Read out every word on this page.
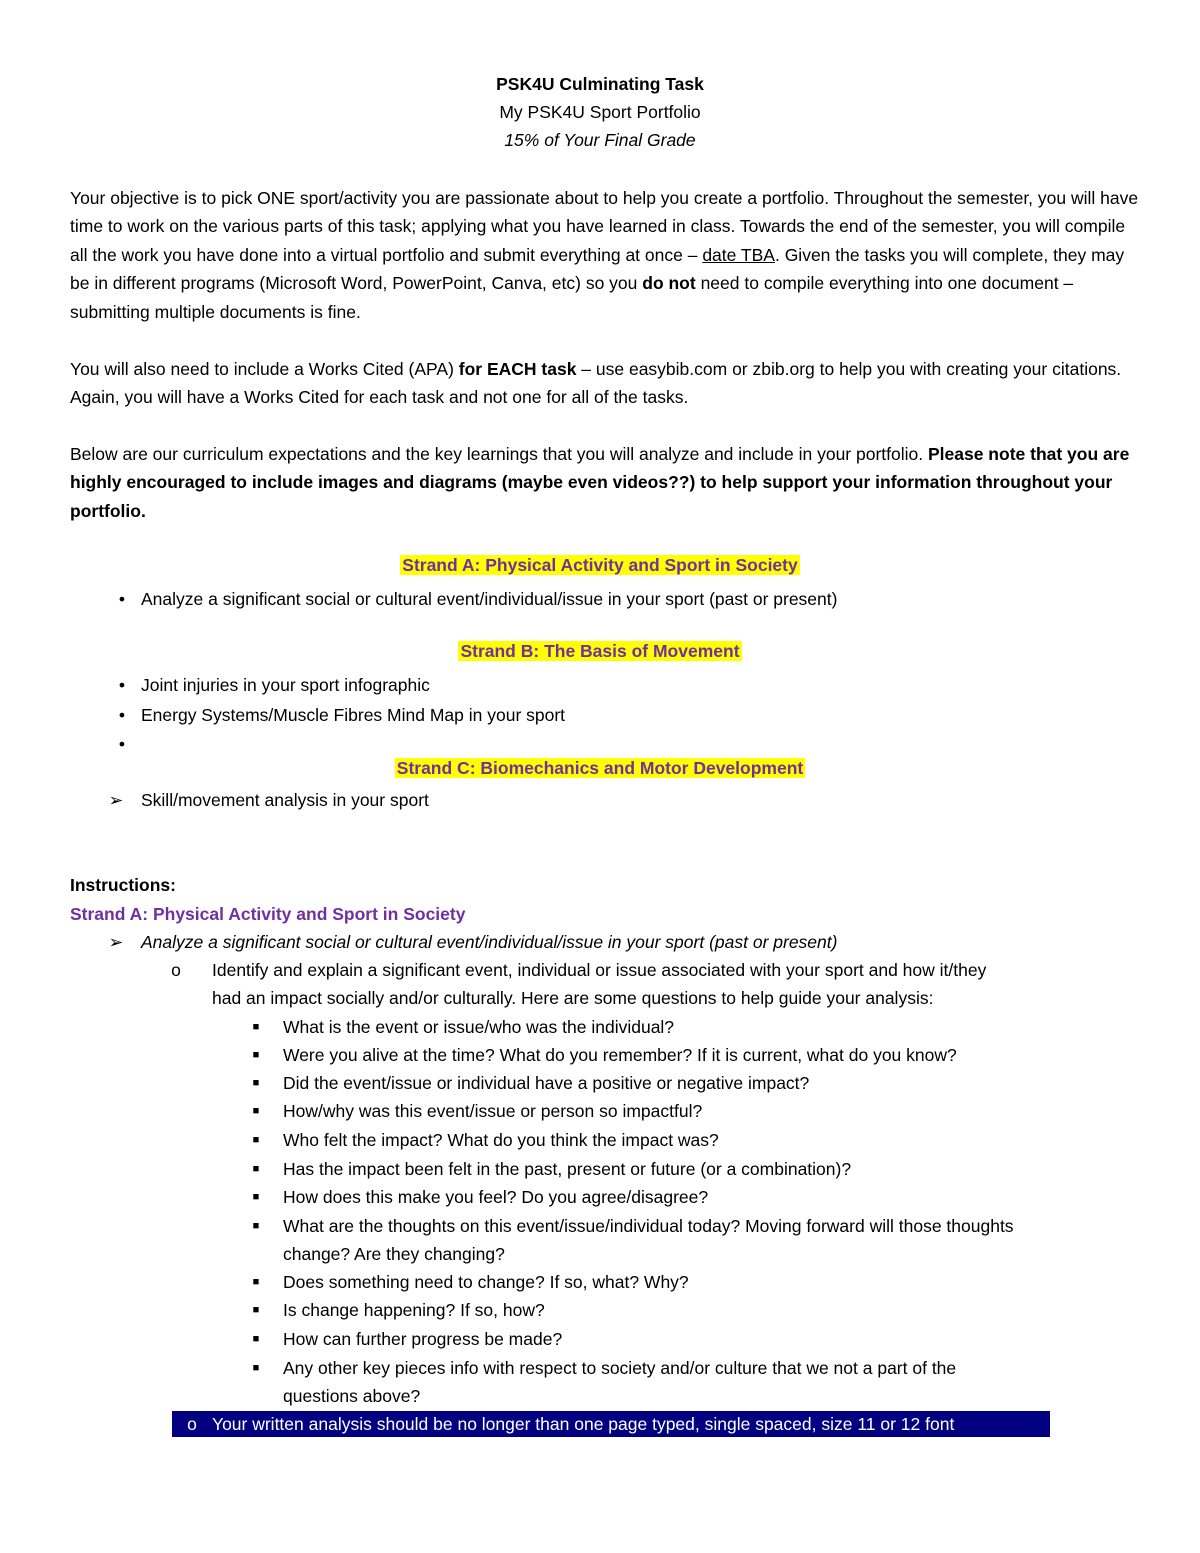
PSK4U Culminating Task
My PSK4U Sport Portfolio
15% of Your Final Grade

Your objective is to pick ONE sport/activity you are passionate about to help you create a portfolio. Throughout the semester, you will have time to work on the various parts of this task; applying what you have learned in class. Towards the end of the semester, you will compile all the work you have done into a virtual portfolio and submit everything at once – date TBA. Given the tasks you will complete, they may be in different programs (Microsoft Word, PowerPoint, Canva, etc) so you do not need to compile everything into one document – submitting multiple documents is fine.

You will also need to include a Works Cited (APA) for EACH task – use easybib.com or zbib.org to help you with creating your citations. Again, you will have a Works Cited for each task and not one for all of the tasks.

Below are our curriculum expectations and the key learnings that you will analyze and include in your portfolio. Please note that you are highly encouraged to include images and diagrams (maybe even videos??) to help support your information throughout your portfolio.

Strand A: Physical Activity and Sport in Society
• Analyze a significant social or cultural event/individual/issue in your sport (past or present)
Strand B: The Basis of Movement
• Joint injuries in your sport infographic
• Energy Systems/Muscle Fibres Mind Map in your sport
•
Strand C: Biomechanics and Motor Development
➢ Skill/movement analysis in your sport
Instructions:
Strand A: Physical Activity and Sport in Society
➢ Analyze a significant social or cultural event/individual/issue in your sport (past or present)
o Identify and explain a significant event, individual or issue associated with your sport and how it/they
had an impact socially and/or culturally. Here are some questions to help guide your analysis:
■	What is the event or issue/who was the individual?
■	Were you alive at the time? What do you remember? If it is current, what do you know?
■	Did the event/issue or individual have a positive or negative impact?
■	How/why was this event/issue or person so impactful?
■	Who felt the impact? What do you think the impact was?
■	Has the impact been felt in the past, present or future (or a combination)?
■	How does this make you feel? Do you agree/disagree?
■	What are the thoughts on this event/issue/individual today? Moving forward will those thoughts
change? Are they changing?
■	Does something need to change? If so, what? Why?
■	Is change happening? If so, how?
■	How can further progress be made?
■	Any other key pieces info with respect to society and/or culture that we not a part of the
questions above?
o Your written analysis should be no longer than one page typed, single spaced, size 11 or 12 font
